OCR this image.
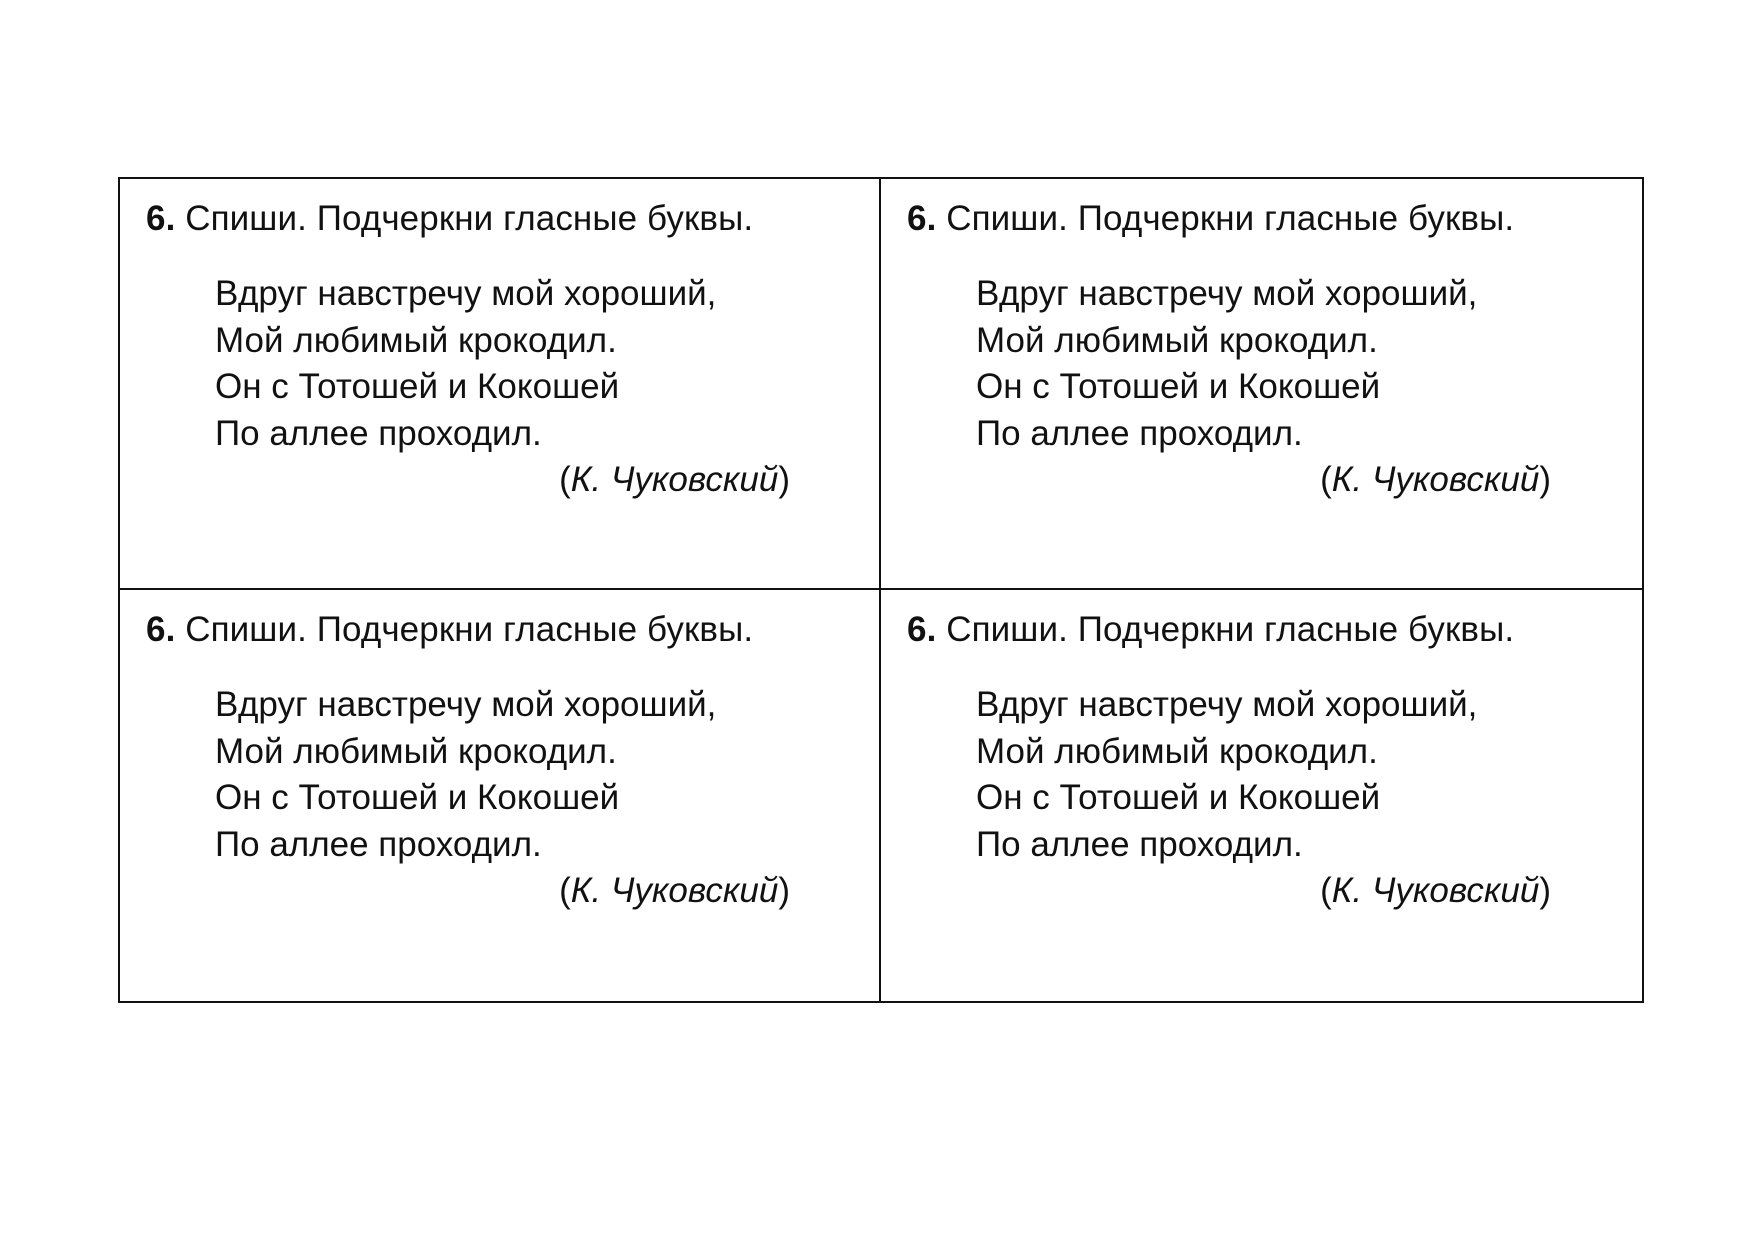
6. Спиши. Подчеркни гласные буквы.
Вдруг навстречу мой хороший,
Мой любимый крокодил.
Он с Тотошей и Кокошей
По аллее проходил.
(К. Чуковский)
6. Спиши. Подчеркни гласные буквы.
Вдруг навстречу мой хороший,
Мой любимый крокодил.
Он с Тотошей и Кокошей
По аллее проходил.
(К. Чуковский)
6. Спиши. Подчеркни гласные буквы.
Вдруг навстречу мой хороший,
Мой любимый крокодил.
Он с Тотошей и Кокошей
По аллее проходил.
(К. Чуковский)
6. Спиши. Подчеркни гласные буквы.
Вдруг навстречу мой хороший,
Мой любимый крокодил.
Он с Тотошей и Кокошей
По аллее проходил.
(К. Чуковский)
